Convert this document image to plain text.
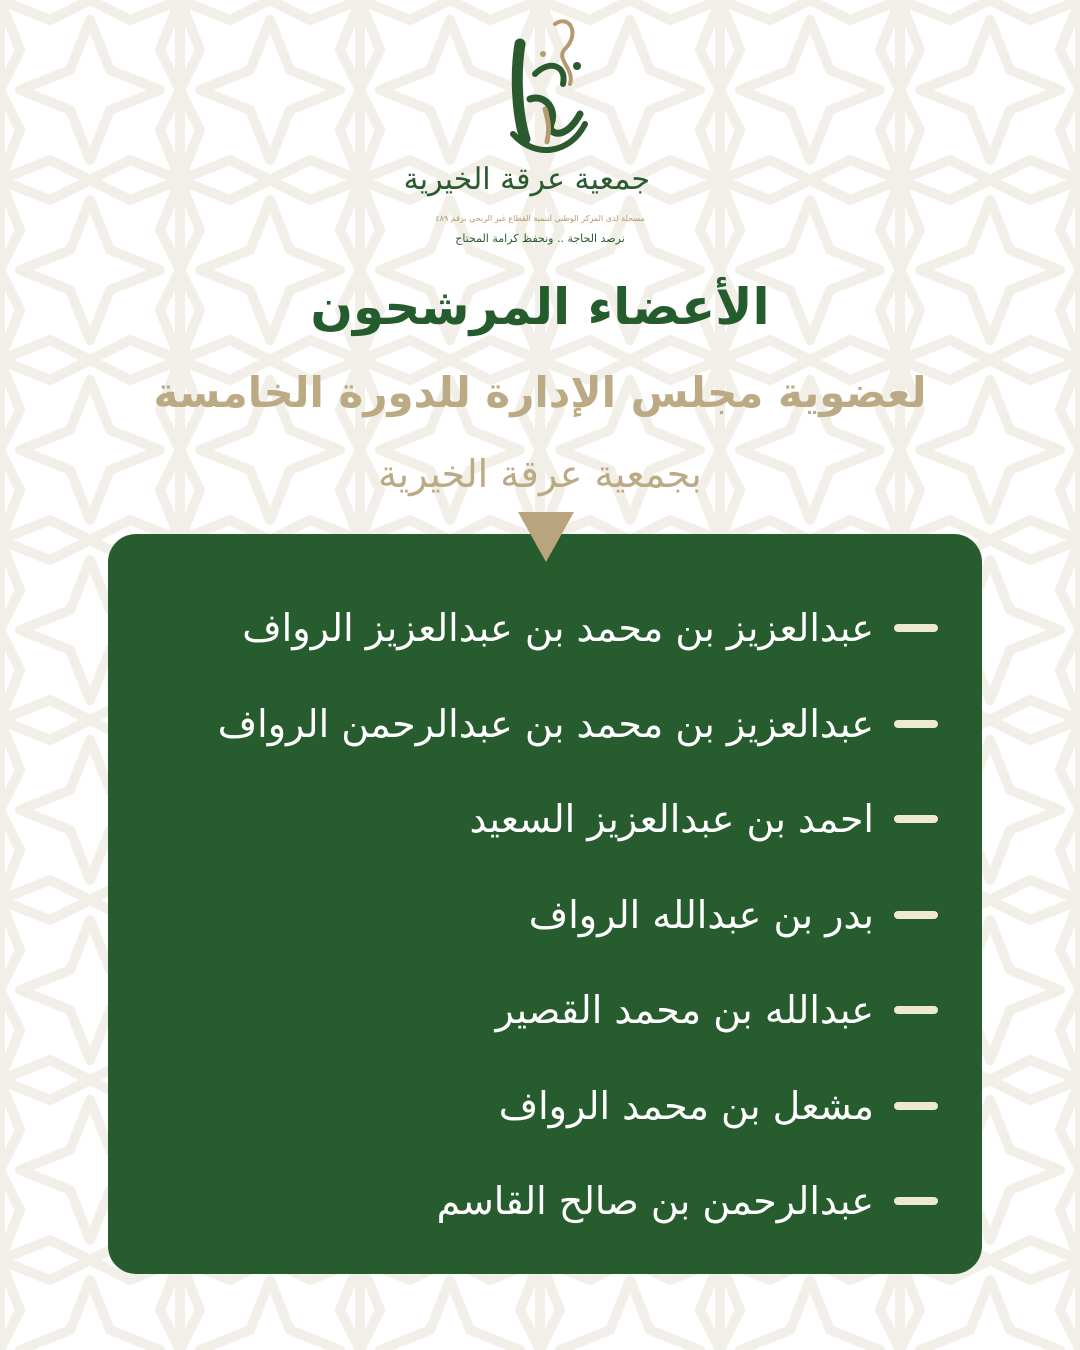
جمعية عرقة الخيرية
مسجلة لدى المركز الوطني لتنمية القطاع غير الربحي برقم ٤٨٩
نرصد الحاجة .. ونحفظ كرامة المحتاج
الأعضاء المرشحون
لعضوية مجلس الإدارة للدورة الخامسة
بجمعية عرقة الخيرية
عبدالعزيز بن محمد بن عبدالعزيز الرواف
عبدالعزيز بن محمد بن عبدالرحمن الرواف
احمد بن عبدالعزيز السعيد
بدر بن عبدالله الرواف
عبدالله بن محمد القصير
مشعل بن محمد الرواف
عبدالرحمن بن صالح القاسم
